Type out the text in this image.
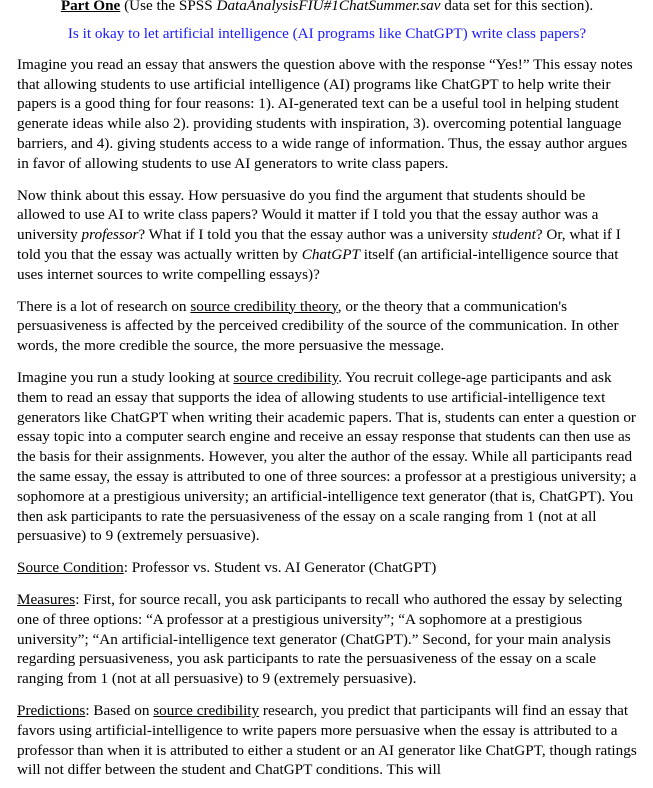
Part One (Use the SPSS DataAnalysisFIU#1ChatSummer.sav data set for this section).

Is it okay to let artificial intelligence (AI programs like ChatGPT) write class papers?

Imagine you read an essay that answers the question above with the response “Yes!” This essay notes that allowing students to use artificial intelligence (AI) programs like ChatGPT to help write their papers is a good thing for four reasons: 1). AI-generated text can be a useful tool in helping student generate ideas while also 2). providing students with inspiration, 3). overcoming potential language barriers, and 4). giving students access to a wide range of information. Thus, the essay author argues in favor of allowing students to use AI generators to write class papers.

Now think about this essay. How persuasive do you find the argument that students should be allowed to use AI to write class papers? Would it matter if I told you that the essay author was a university professor? What if I told you that the essay author was a university student? Or, what if I told you that the essay was actually written by ChatGPT itself (an artificial-intelligence source that uses internet sources to write compelling essays)?

There is a lot of research on source credibility theory, or the theory that a communication's persuasiveness is affected by the perceived credibility of the source of the communication. In other words, the more credible the source, the more persuasive the message.

Imagine you run a study looking at source credibility. You recruit college-age participants and ask them to read an essay that supports the idea of allowing students to use artificial-intelligence text generators like ChatGPT when writing their academic papers. That is, students can enter a question or essay topic into a computer search engine and receive an essay response that students can then use as the basis for their assignments. However, you alter the author of the essay. While all participants read the same essay, the essay is attributed to one of three sources: a professor at a prestigious university; a sophomore at a prestigious university; an artificial-intelligence text generator (that is, ChatGPT). You then ask participants to rate the persuasiveness of the essay on a scale ranging from 1 (not at all persuasive) to 9 (extremely persuasive).

Source Condition: Professor vs. Student vs. AI Generator (ChatGPT)

Measures: First, for source recall, you ask participants to recall who authored the essay by selecting one of three options: “A professor at a prestigious university”; “A sophomore at a prestigious university”; “An artificial-intelligence text generator (ChatGPT).” Second, for your main analysis regarding persuasiveness, you ask participants to rate the persuasiveness of the essay on a scale ranging from 1 (not at all persuasive) to 9 (extremely persuasive).

Predictions: Based on source credibility research, you predict that participants will find an essay that favors using artificial-intelligence to write papers more persuasive when the essay is attributed to a professor than when it is attributed to either a student or an AI generator like ChatGPT, though ratings will not differ between the student and ChatGPT conditions. This will
